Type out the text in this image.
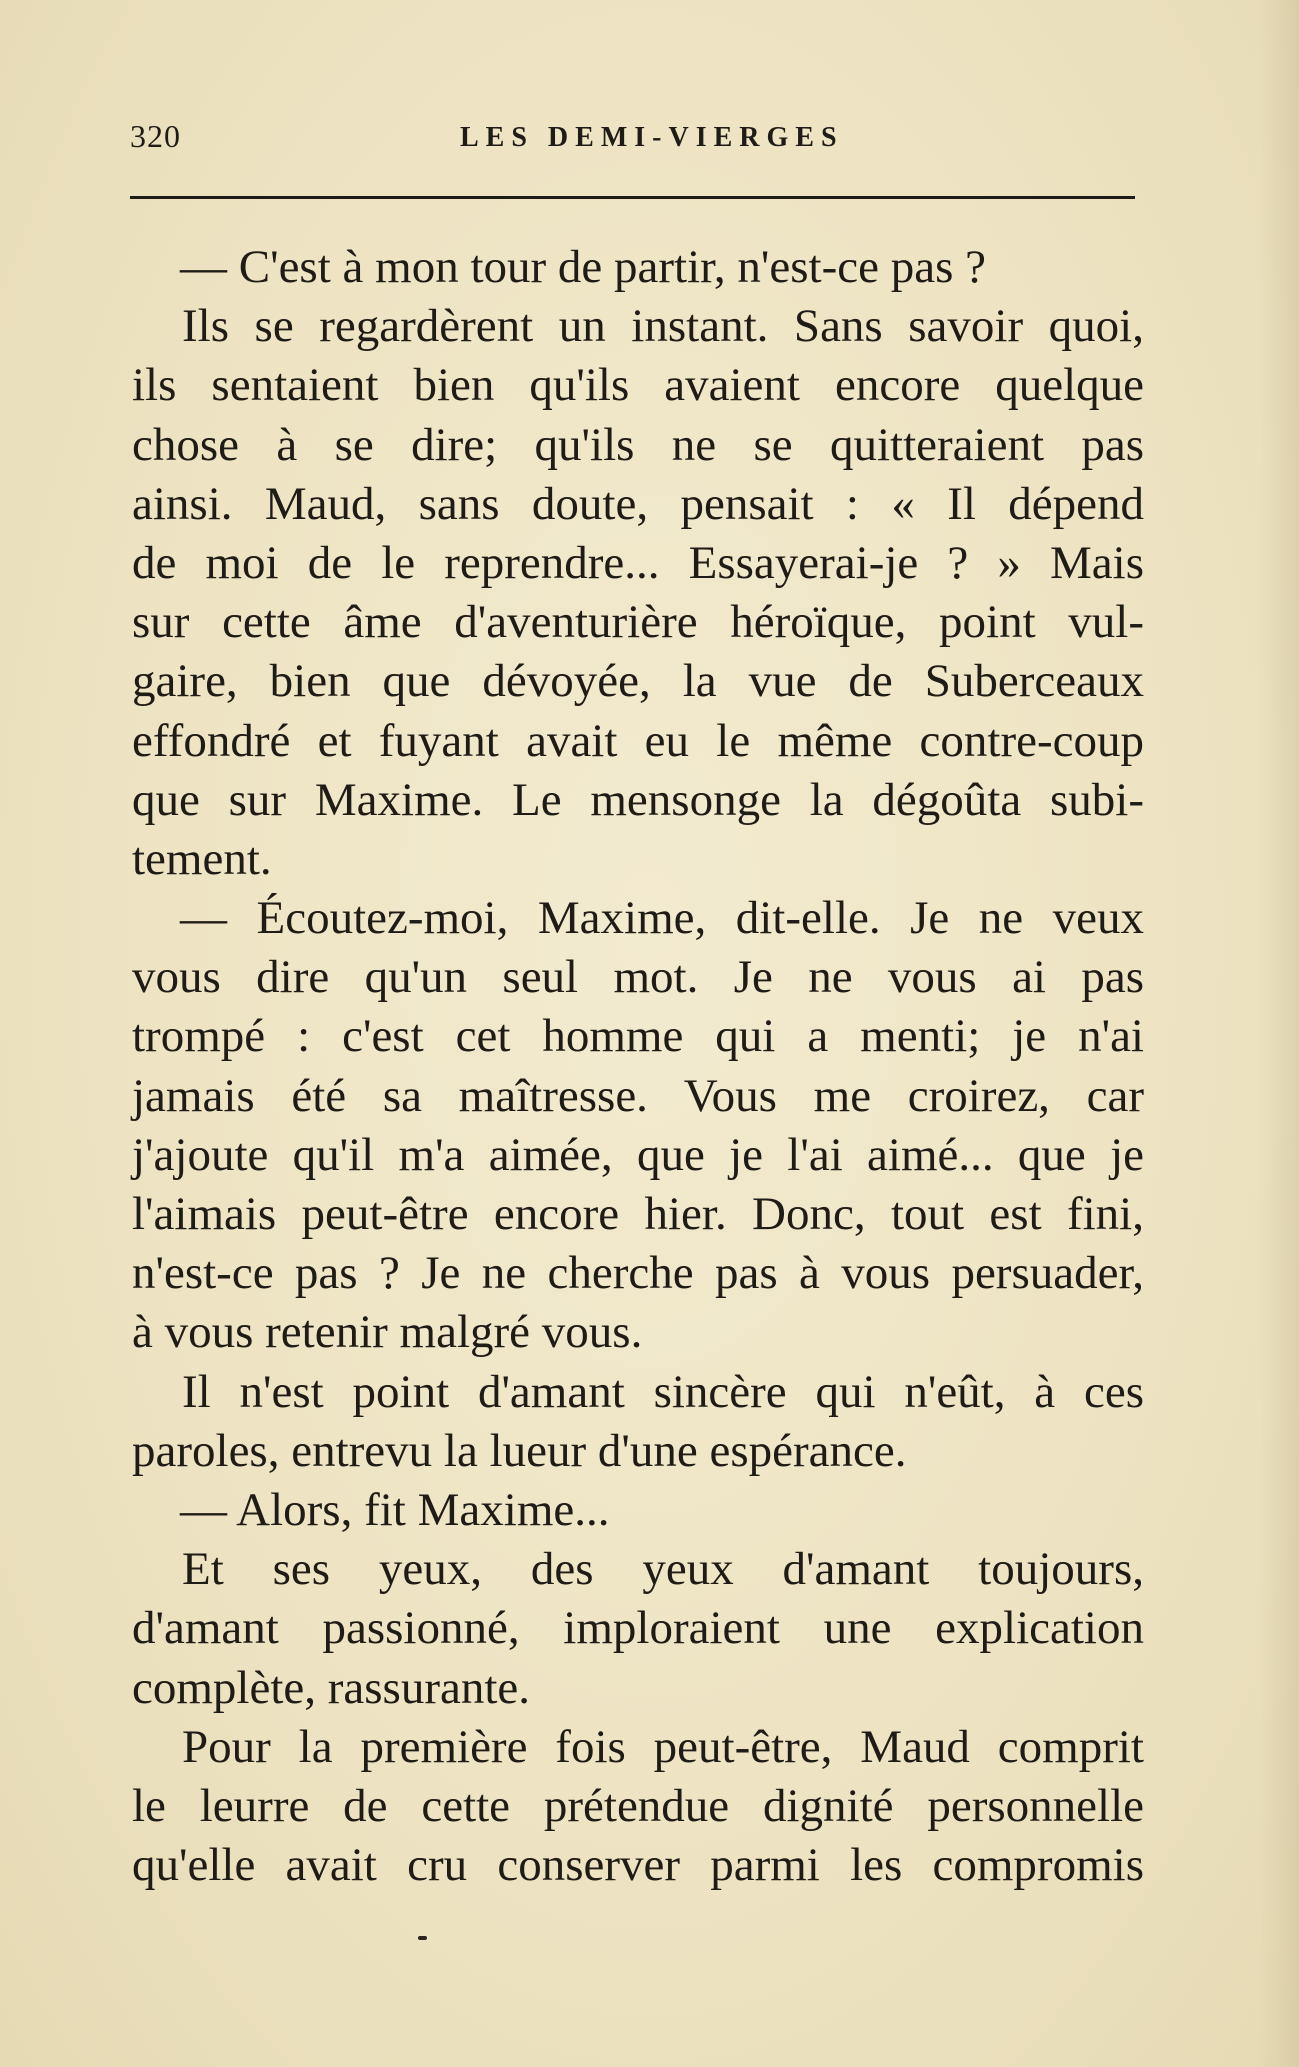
320	LES DEMI-VIERGES
— C'est à mon tour de partir, n'est-ce pas ?
Ils se regardèrent un instant. Sans savoir quoi,
ils sentaient bien qu'ils avaient encore quelque
chose à se dire; qu'ils ne se quitteraient pas
ainsi. Maud, sans doute, pensait : « Il dépend
de moi de le reprendre... Essayerai-je ? » Mais
sur cette âme d'aventurière héroïque, point vul-
gaire, bien que dévoyée, la vue de Suberceaux
effondré et fuyant avait eu le même contre-coup
que sur Maxime. Le mensonge la dégoûta subi-
tement.
— Écoutez-moi, Maxime, dit-elle. Je ne veux
vous dire qu'un seul mot. Je ne vous ai pas
trompé : c'est cet homme qui a menti; je n'ai
jamais été sa maîtresse. Vous me croirez, car
j'ajoute qu'il m'a aimée, que je l'ai aimé... que je
l'aimais peut-être encore hier. Donc, tout est fini,
n'est-ce pas ? Je ne cherche pas à vous persuader,
à vous retenir malgré vous.
Il n'est point d'amant sincère qui n'eût, à ces
paroles, entrevu la lueur d'une espérance.
— Alors, fit Maxime...
Et ses yeux, des yeux d'amant toujours,
d'amant passionné, imploraient une explication
complète, rassurante.
Pour la première fois peut-être, Maud comprit
le leurre de cette prétendue dignité personnelle
qu'elle avait cru conserver parmi les compromis
